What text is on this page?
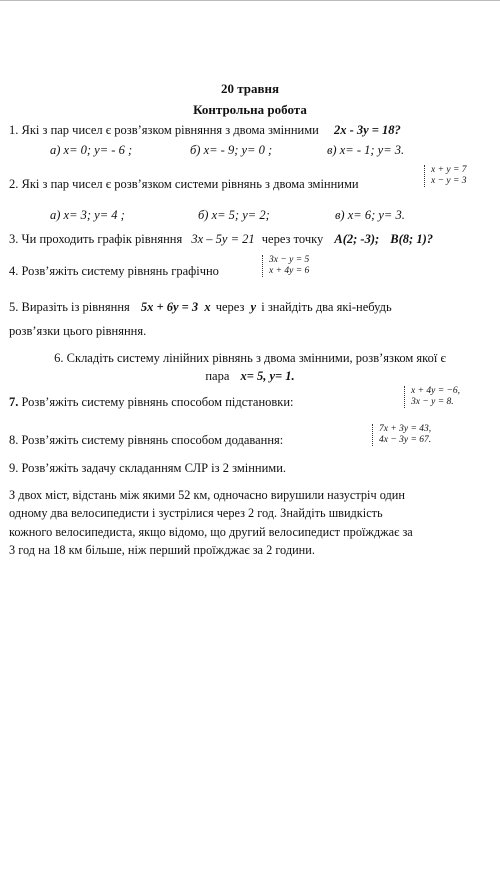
20 травня
Контрольна робота
1. Які з пар чисел є розв’язком рівняння з двома змінними 2x - 3y = 18?
а) x= 0; y= - 6 ;	б) x= - 9; y= 0 ;	в) x= - 1; y= 3.
2. Які з пар чисел є розв’язком системи рівнянь з двома змінними
x + y = 7
x − y = 3
а) x= 3; y= 4 ;	б) x= 5; y= 2;	в) x= 6; y= 3.
3. Чи проходить графік рівняння 3x – 5y = 21 через точку A(2; -3); B(8; 1)?
4. Розв’яжіть систему рівнянь графічно
3x − y = 5
x + 4y = 6
5. Виразіть із рівняння 5x + 6y = 3 x через y і знайдіть два які-небудь
розв’язки цього рівняння.
6. Складіть систему лінійних рівнянь з двома змінними, розв’язком якої є
пара x= 5, y= 1.
7. Розв’яжіть систему рівнянь способом підстановки:
x + 4y = −6,
3x − y = 8.
8. Розв’яжіть систему рівнянь способом додавання:
7x + 3y = 43,
4x − 3y = 67.
9. Розв’яжіть задачу складанням СЛР із 2 змінними.
З двох міст, відстань між якими 52 км, одночасно вирушили назустріч один
одному два велосипедисти і зустрілися через 2 год. Знайдіть швидкість
кожного велосипедиста, якщо відомо, що другий велосипедист проїжджає за
3 год на 18 км більше, ніж перший проїжджає за 2 години.
